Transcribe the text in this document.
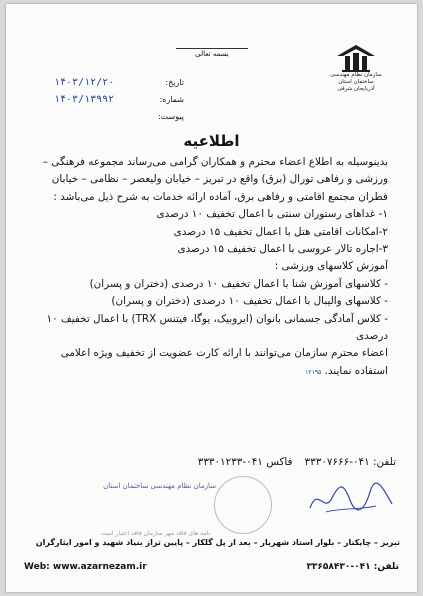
بسمه تعالی
سازمان نظام مهندسی ساختمان استان
آذربایجان شرقی
تاریخ:
۱۴۰۳/۱۲/۲۰
شماره:
۱۴۰۳/۱۳۹۹۲
پیوست:
اطلاعیه

بدینوسیله به اطلاع اعضاء محترم و همکاران گرامی می‌رساند مجموعه فرهنگی – ورزشی و رفاهی تورال (برق) واقع در تبریز – خیابان ولیعصر – نظامی – خیابان قطران مجتمع اقامتی و رفاهی برق، آماده ارائه خدمات به شرح ذیل می‌باشد :

۱- غداهای رستوران سنتی با اعمال تخفیف ۱۰ درصدی
۲-امکانات اقامتی هتل با اعمال تخفیف ۱۵ درصدی
۳-اجاره تالار عروسی با اعمال تخفیف ۱۵ درصدی

آموزش کلاسهای ورزشی :

- کلاسهای آموزش شنا با اعمال تخفیف ۱۰ درصدی (دختران و پسران)
- کلاسهای والیبال با اعمال تخفیف ۱۰ درصدی (دختران و پسران)
- کلاس آمادگی جسمانی بانوان (ایروبیک، یوگا، فیتنس TRX) با اعمال تخفیف ۱۰ درصدی

اعضاء محترم سازمان می‌توانند با ارائه کارت عضویت از تخفیف ویژه اعلامی استفاده نمایند. ۱۲۱۹۵

تلفن: ۰۴۱-۳۳۳۰۷۶۶۶
فاکس ۰۴۱-۳۳۳۰۱۲۳۳
سازمان نظام مهندسی ساختمان استان
نامه های فاقد مهر سازمان فاقد اعتبار است
تبریز – چایکنار – بلوار استاد شهریار – بعد از پل گلکار – پایین تراز بنیاد شهید و امور ایثارگران
Web: www.azarnezam.ir	تلفن: ۰۴۱-۳۳۶۵۸۴۳۰
